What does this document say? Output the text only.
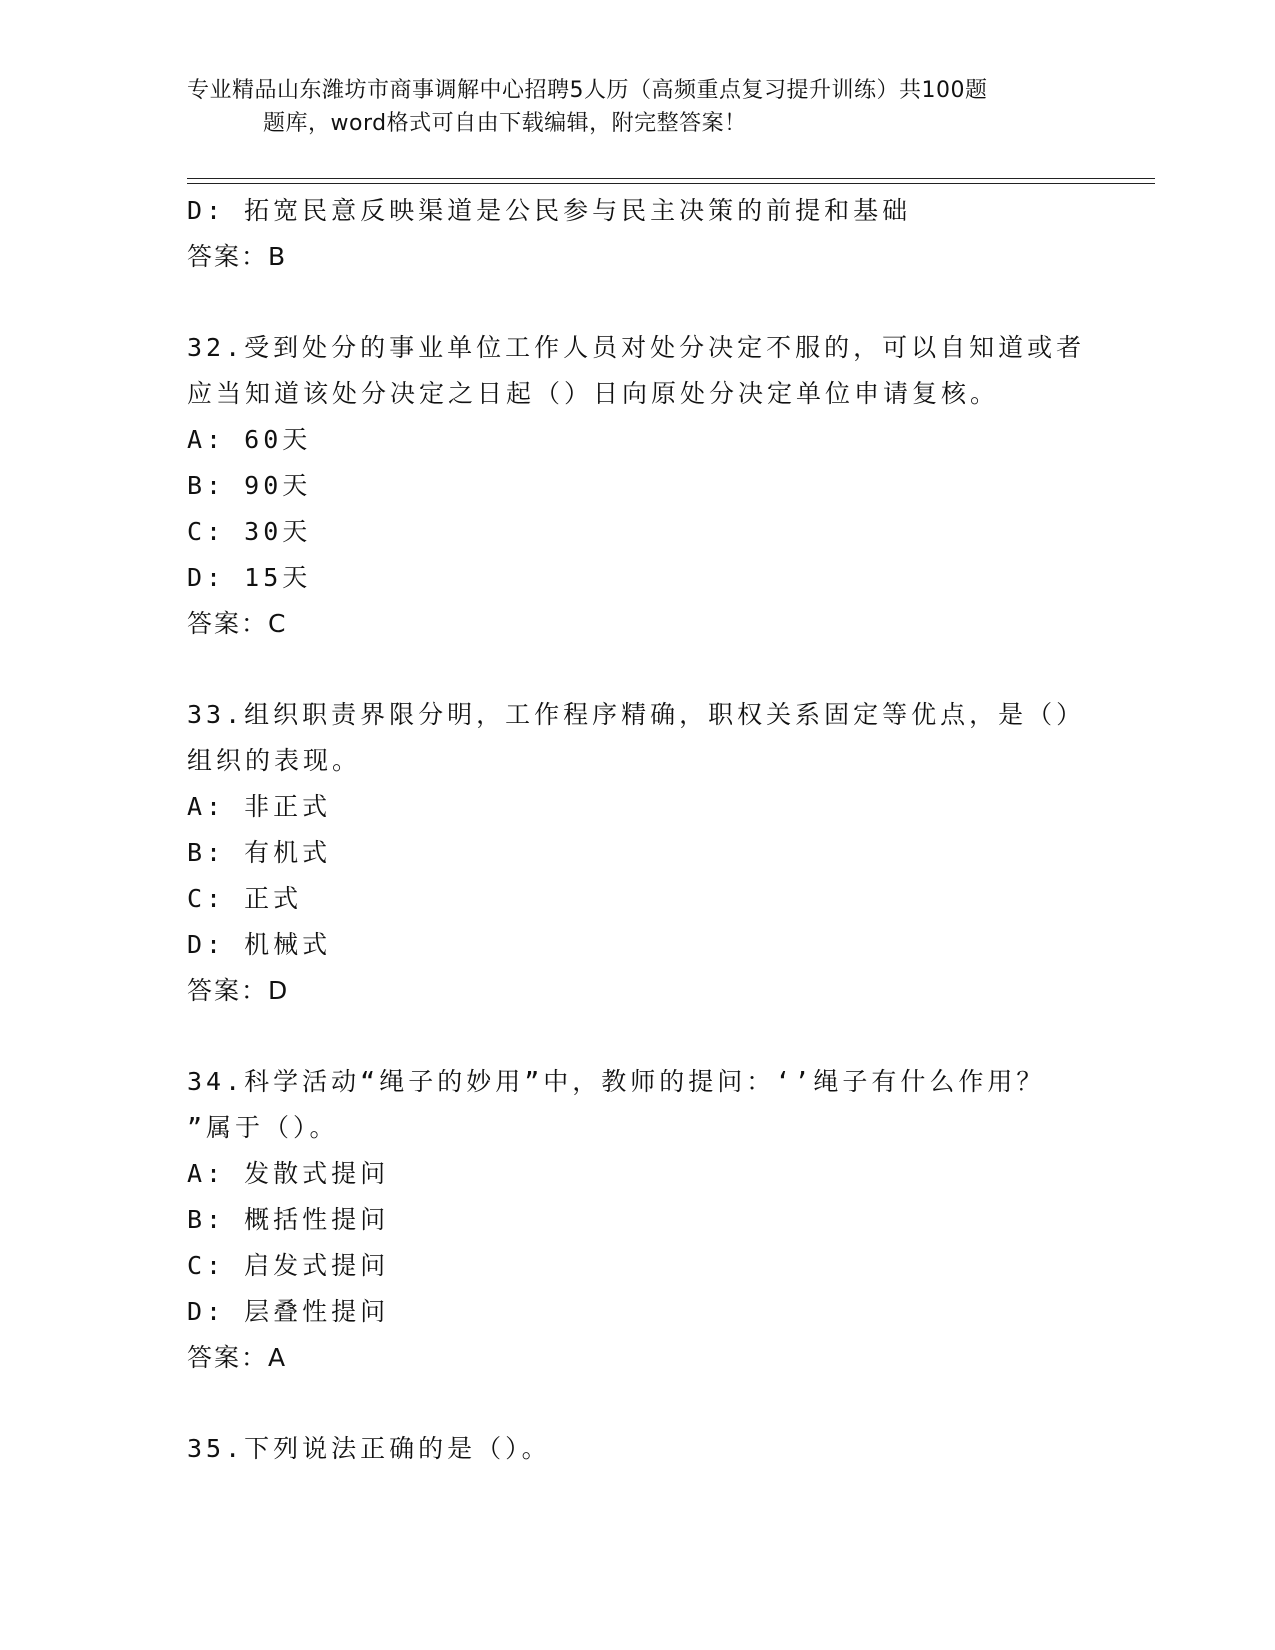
专业精品山东潍坊市商事调解中心招聘5人历（高频重点复习提升训练）共100题
题库，word格式可自由下载编辑，附完整答案！
D: 拓宽民意反映渠道是公民参与民主决策的前提和基础
答案：B
32.受到处分的事业单位工作人员对处分决定不服的，可以自知道或者
应当知道该处分决定之日起（）日向原处分决定单位申请复核。
A: 60天
B: 90天
C: 30天
D: 15天
答案：C
33.组织职责界限分明，工作程序精确，职权关系固定等优点，是（）
组织的表现。
A: 非正式
B: 有机式
C: 正式
D: 机械式
答案：D
34.科学活动“绳子的妙用”中，教师的提问：‘’绳子有什么作用？
”属于（）。
A: 发散式提问
B: 概括性提问
C: 启发式提问
D: 层叠性提问
答案：A
35.下列说法正确的是（）。
